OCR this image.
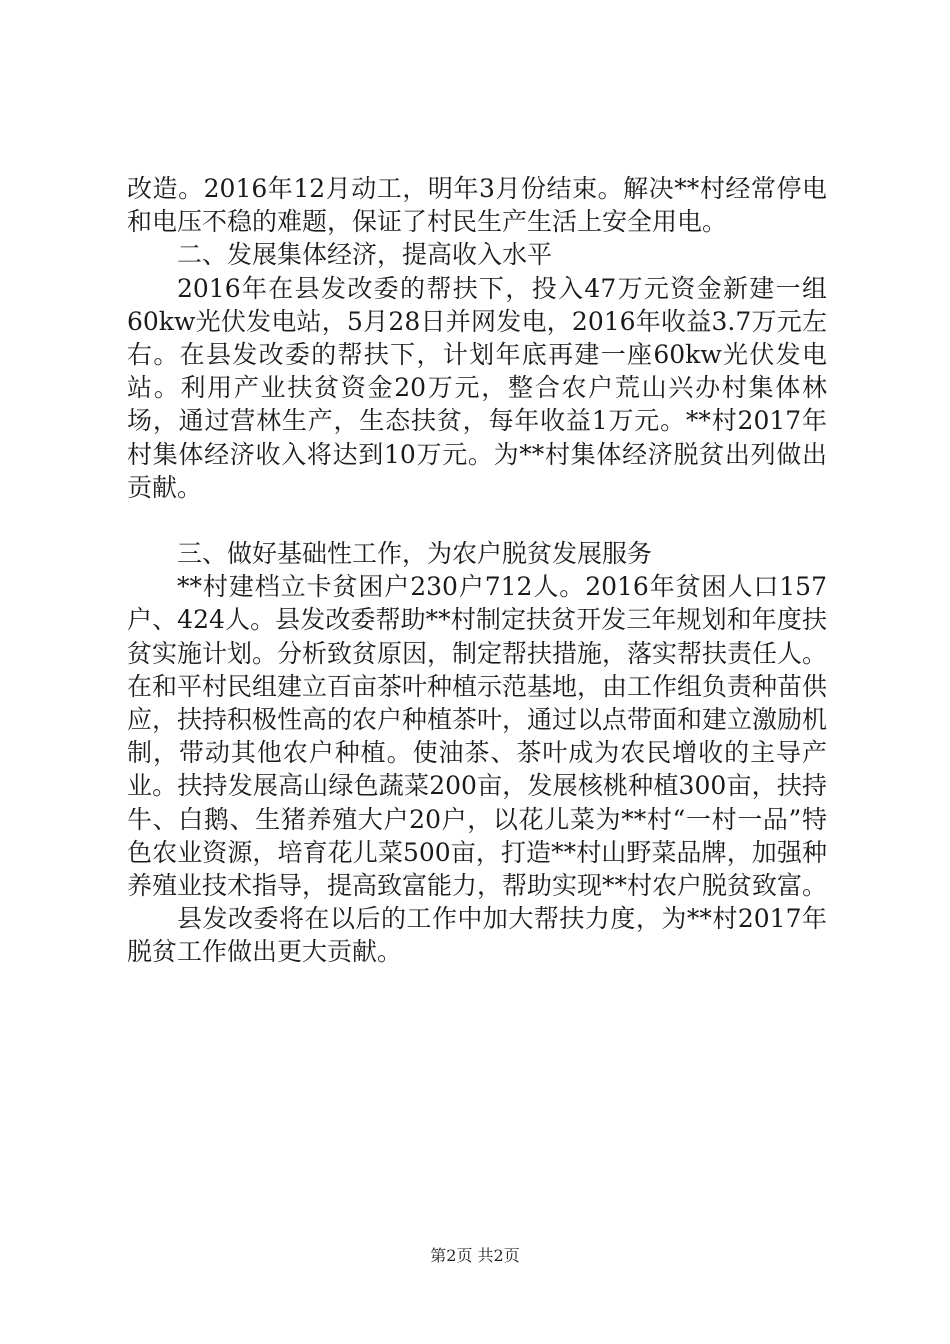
改造。2016年12月动工，明年3月份结束。解决**村经常停电和电压不稳的难题，保证了村民生产生活上安全用电。

二、发展集体经济，提高收入水平

2016年在县发改委的帮扶下，投入47万元资金新建一组60kw光伏发电站，5月28日并网发电，2016年收益3.7万元左右。在县发改委的帮扶下，计划年底再建一座60kw光伏发电站。利用产业扶贫资金20万元，整合农户荒山兴办村集体林场，通过营林生产，生态扶贫，每年收益1万元。**村2017年村集体经济收入将达到10万元。为**村集体经济脱贫出列做出贡献。

三、做好基础性工作，为农户脱贫发展服务

**村建档立卡贫困户230户712人。2016年贫困人口157户、424人。县发改委帮助**村制定扶贫开发三年规划和年度扶贫实施计划。分析致贫原因，制定帮扶措施，落实帮扶责任人。在和平村民组建立百亩茶叶种植示范基地，由工作组负责种苗供应，扶持积极性高的农户种植茶叶，通过以点带面和建立激励机制，带动其他农户种植。使油茶、茶叶成为农民增收的主导产业。扶持发展高山绿色蔬菜200亩，发展核桃种植300亩，扶持牛、白鹅、生猪养殖大户20户，以花儿菜为**村“一村一品”特色农业资源，培育花儿菜500亩，打造**村山野菜品牌，加强种养殖业技术指导，提高致富能力，帮助实现**村农户脱贫致富。

县发改委将在以后的工作中加大帮扶力度，为**村2017年脱贫工作做出更大贡献。

第2页 共2页
